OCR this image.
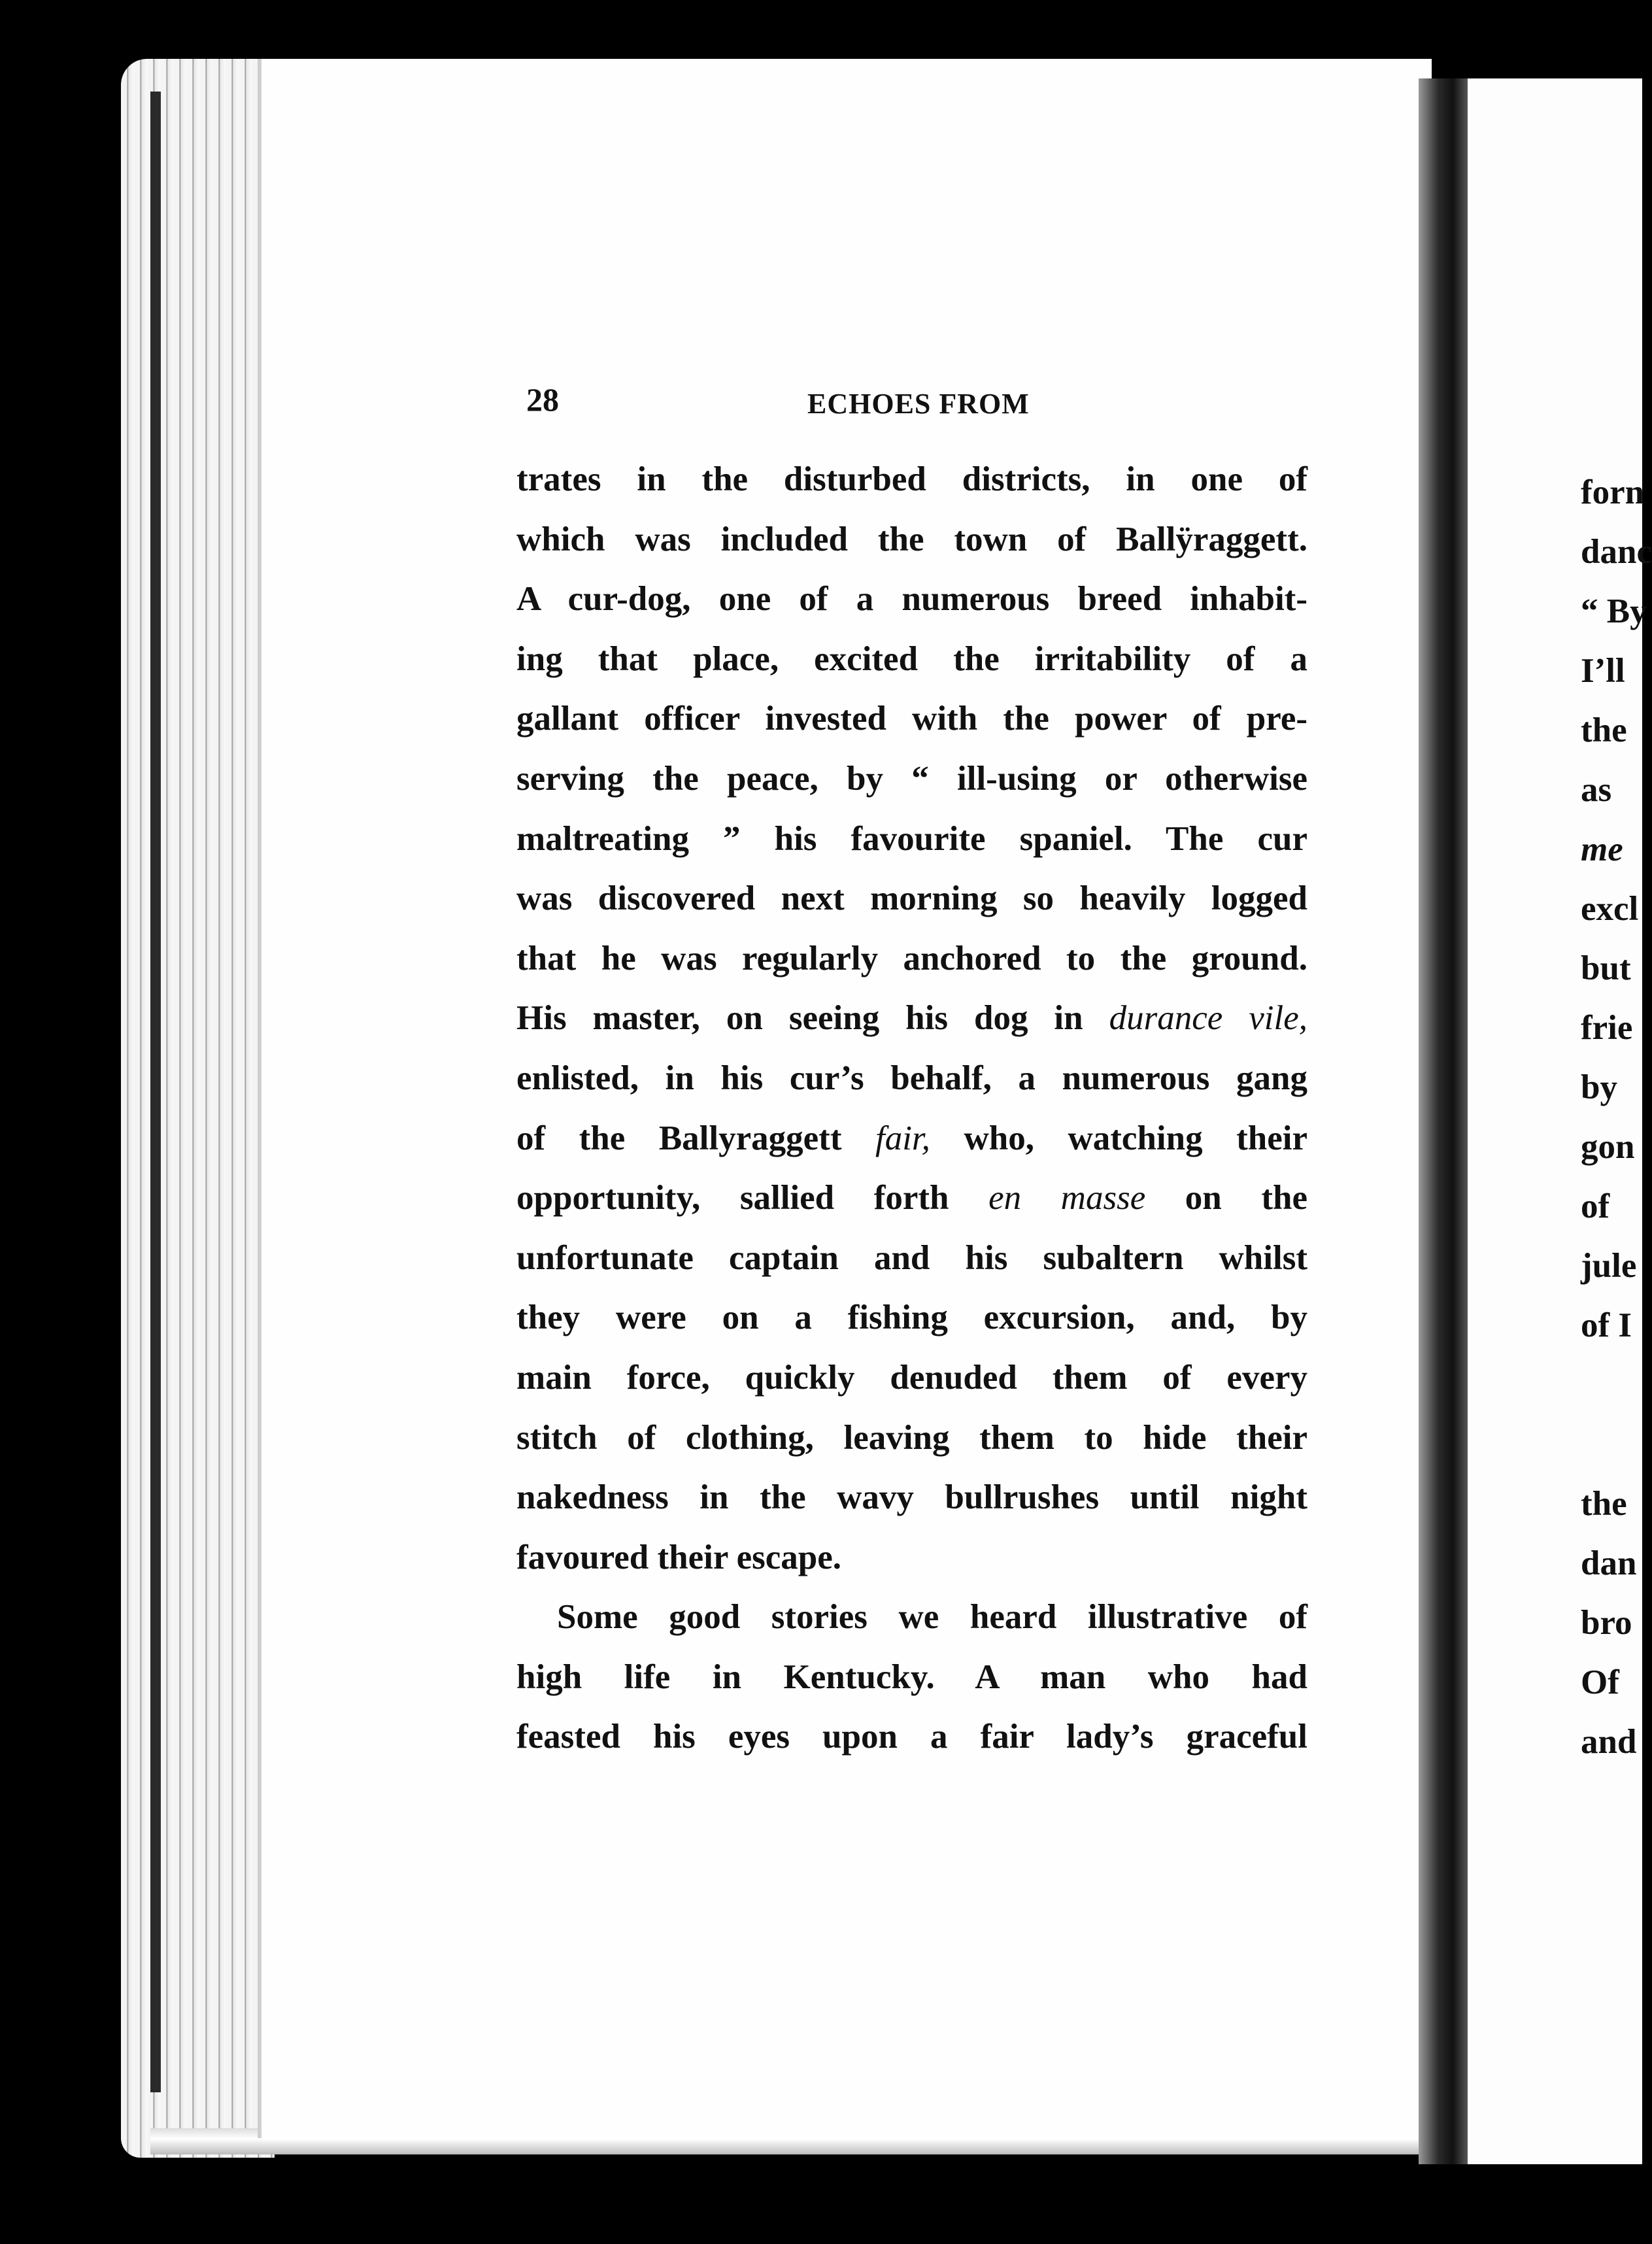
28	ECHOES FROM
trates in the disturbed districts, in one of
which was included the town of Ballÿraggett.
A cur-dog, one of a numerous breed inhabit-
ing that place, excited the irritability of a
gallant officer invested with the power of pre-
serving the peace, by “ ill-using or otherwise
maltreating ” his favourite spaniel. The cur
was discovered next morning so heavily logged
that he was regularly anchored to the ground.
His master, on seeing his dog in durance vile,
enlisted, in his cur’s behalf, a numerous gang
of the Ballyraggett fair, who, watching their
opportunity, sallied forth en masse on the
unfortunate captain and his subaltern whilst
they were on a fishing excursion, and, by
main force, quickly denuded them of every
stitch of clothing, leaving them to hide their
nakedness in the wavy bullrushes until night
favoured their escape.
Some good stories we heard illustrative of
high life in Kentucky. A man who had
feasted his eyes upon a fair lady’s graceful
forn
danc
“ By
I’ll
the
as
me
excl
but
frie
by
gon
of
jule
of I
the
dan
bro
Of
and
